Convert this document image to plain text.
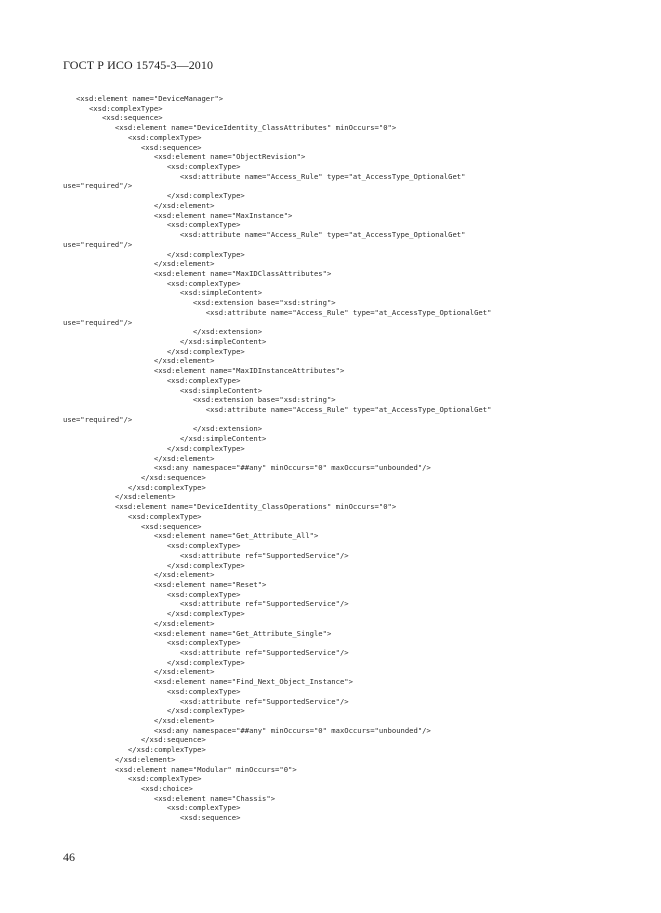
ГОСТ Р ИСО 15745-3—2010
<xsd:element name="DeviceManager">
<xsd:complexType>
<xsd:sequence>
<xsd:element name="DeviceIdentity_ClassAttributes" minOccurs="0">
<xsd:complexType>
<xsd:sequence>
<xsd:element name="ObjectRevision">
<xsd:complexType>
<xsd:attribute name="Access_Rule" type="at_AccessType_OptionalGet"
use="required"/>
</xsd:complexType>
</xsd:element>
<xsd:element name="MaxInstance">
<xsd:complexType>
<xsd:attribute name="Access_Rule" type="at_AccessType_OptionalGet"
use="required"/>
</xsd:complexType>
</xsd:element>
<xsd:element name="MaxIDClassAttributes">
<xsd:complexType>
<xsd:simpleContent>
<xsd:extension base="xsd:string">
<xsd:attribute name="Access_Rule" type="at_AccessType_OptionalGet"
use="required"/>
</xsd:extension>
</xsd:simpleContent>
</xsd:complexType>
</xsd:element>
<xsd:element name="MaxIDInstanceAttributes">
<xsd:complexType>
<xsd:simpleContent>
<xsd:extension base="xsd:string">
<xsd:attribute name="Access_Rule" type="at_AccessType_OptionalGet"
use="required"/>
</xsd:extension>
</xsd:simpleContent>
</xsd:complexType>
</xsd:element>
<xsd:any namespace="##any" minOccurs="0" maxOccurs="unbounded"/>
</xsd:sequence>
</xsd:complexType>
</xsd:element>
<xsd:element name="DeviceIdentity_ClassOperations" minOccurs="0">
<xsd:complexType>
<xsd:sequence>
<xsd:element name="Get_Attribute_All">
<xsd:complexType>
<xsd:attribute ref="SupportedService"/>
</xsd:complexType>
</xsd:element>
<xsd:element name="Reset">
<xsd:complexType>
<xsd:attribute ref="SupportedService"/>
</xsd:complexType>
</xsd:element>
<xsd:element name="Get_Attribute_Single">
<xsd:complexType>
<xsd:attribute ref="SupportedService"/>
</xsd:complexType>
</xsd:element>
<xsd:element name="Find_Next_Object_Instance">
<xsd:complexType>
<xsd:attribute ref="SupportedService"/>
</xsd:complexType>
</xsd:element>
<xsd:any namespace="##any" minOccurs="0" maxOccurs="unbounded"/>
</xsd:sequence>
</xsd:complexType>
</xsd:element>
<xsd:element name="Modular" minOccurs="0">
<xsd:complexType>
<xsd:choice>
<xsd:element name="Chassis">
<xsd:complexType>
<xsd:sequence>
46
